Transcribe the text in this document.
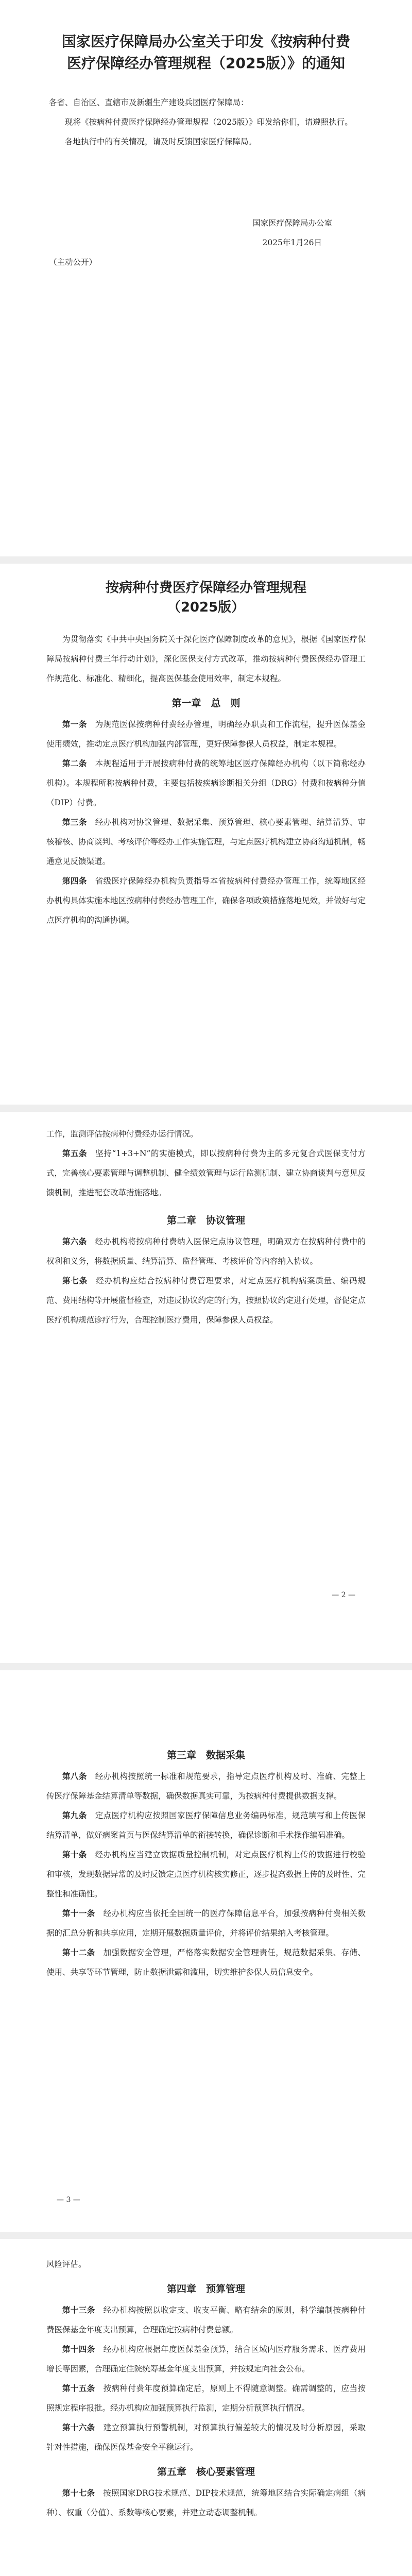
国家医疗保障局办公室关于印发《按病种付费

医疗保障经办管理规程（2025版）》的通知

各省、自治区、直辖市及新疆生产建设兵团医疗保障局：

现将《按病种付费医疗保障经办管理规程（2025版）》印发给你们，请遵照执行。

各地执行中的有关情况，请及时反馈国家医疗保障局。

国家医疗保障局办公室

2025年1月26日

（主动公开）

按病种付费医疗保障经办管理规程

（2025版）

为贯彻落实《中共中央国务院关于深化医疗保障制度改革的意见》，根据《国家医疗保障局按病种付费三年行动计划》，深化医保支付方式改革，推动按病种付费医保经办管理工作规范化、标准化、精细化，提高医保基金使用效率，制定本规程。

第一章　总　则

第一条　 为规范医保按病种付费经办管理，明确经办职责和工作流程，提升医保基金使用绩效，推动定点医疗机构加强内部管理，更好保障参保人员权益，制定本规程。

第二条　 本规程适用于开展按病种付费的统筹地区医疗保障经办机构（以下简称经办机构）。本规程所称按病种付费，主要包括按疾病诊断相关分组（DRG）付费和按病种分值（DIP）付费。

第三条　 经办机构对协议管理、数据采集、预算管理、核心要素管理、结算清算、审核稽核、协商谈判、考核评价等经办工作实施管理，与定点医疗机构建立协商沟通机制，畅通意见反馈渠道。

第四条　 省级医疗保障经办机构负责指导本省按病种付费经办管理工作，统筹地区经办机构具体实施本地区按病种付费经办管理工作，确保各项政策措施落地见效，并做好与定点医疗机构的沟通协调。

工作，监测评估按病种付费经办运行情况。

第五条　 坚持“1+3+N”的实施模式，即以按病种付费为主的多元复合式医保支付方式，完善核心要素管理与调整机制、健全绩效管理与运行监测机制、建立协商谈判与意见反馈机制，推进配套改革措施落地。

第二章　协议管理

第六条　 经办机构将按病种付费纳入医保定点协议管理，明确双方在按病种付费中的权利和义务，将数据质量、结算清算、监督管理、考核评价等内容纳入协议。

第七条　 经办机构应结合按病种付费管理要求，对定点医疗机构病案质量、编码规范、费用结构等开展监督检查，对违反协议约定的行为，按照协议约定进行处理，督促定点医疗机构规范诊疗行为，合理控制医疗费用，保障参保人员权益。

— 2 —

第三章　数据采集

第八条　 经办机构按照统一标准和规范要求，指导定点医疗机构及时、准确、完整上传医疗保障基金结算清单等数据，确保数据真实可靠，为按病种付费提供数据支撑。

第九条　 定点医疗机构应按照国家医疗保障信息业务编码标准，规范填写和上传医保结算清单，做好病案首页与医保结算清单的衔接转换，确保诊断和手术操作编码准确。

第十条　 经办机构应当建立数据质量控制机制，对定点医疗机构上传的数据进行校验和审核，发现数据异常的及时反馈定点医疗机构核实修正，逐步提高数据上传的及时性、完整性和准确性。

第十一条　 经办机构应当依托全国统一的医疗保障信息平台，加强按病种付费相关数据的汇总分析和共享应用，定期开展数据质量评价，并将评价结果纳入考核管理。

第十二条　 加强数据安全管理，严格落实数据安全管理责任，规范数据采集、存储、使用、共享等环节管理，防止数据泄露和滥用，切实维护参保人员信息安全。

— 3 —

风险评估。

第四章　预算管理

第十三条　 经办机构按照以收定支、收支平衡、略有结余的原则，科学编制按病种付费医保基金年度支出预算，合理确定按病种付费总额。

第十四条　 经办机构应根据年度医保基金预算，结合区域内医疗服务需求、医疗费用增长等因素，合理确定住院统筹基金年度支出预算，并按规定向社会公布。

第十五条　 按病种付费年度预算确定后，原则上不得随意调整。确需调整的，应当按照规定程序报批。经办机构应加强预算执行监测，定期分析预算执行情况。

第十六条　 建立预算执行预警机制，对预算执行偏差较大的情况及时分析原因，采取针对性措施，确保医保基金安全平稳运行。

第五章　核心要素管理

第十七条　 按照国家DRG技术规范、DIP技术规范，统筹地区结合实际确定病组（病种）、权重（分值）、系数等核心要素，并建立动态调整机制。
